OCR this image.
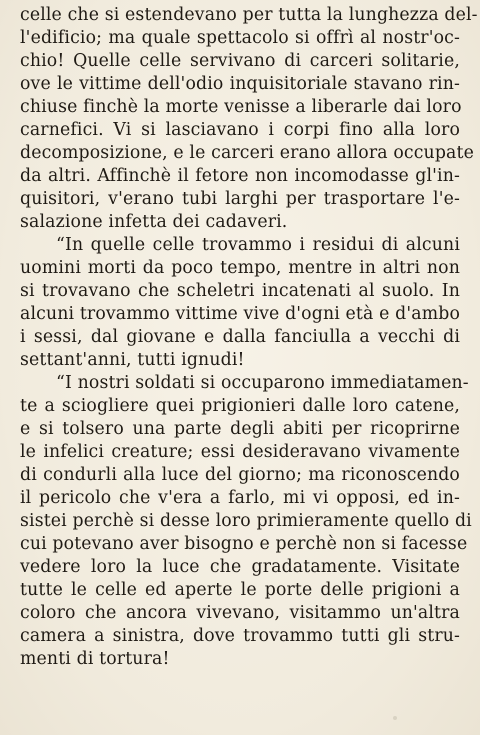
celle che si estendevano per tutta la lunghezza del-
l'edificio; ma quale spettacolo si offrì al nostr'oc-
chio! Quelle celle servivano di carceri solitarie,
ove le vittime dell'odio inquisitoriale stavano rin-
chiuse finchè la morte venisse a liberarle dai loro
carnefici. Vi si lasciavano i corpi fino alla loro
decomposizione, e le carceri erano allora occupate
da altri. Affinchè il fetore non incomodasse gl'in-
quisitori, v'erano tubi larghi per trasportare l'e-
salazione infetta dei cadaveri.
“In quelle celle trovammo i residui di alcuni
uomini morti da poco tempo, mentre in altri non
si trovavano che scheletri incatenati al suolo. In
alcuni trovammo vittime vive d'ogni età e d'ambo
i sessi, dal giovane e dalla fanciulla a vecchi di
settant'anni, tutti ignudi!
“I nostri soldati si occuparono immediatamen-
te a sciogliere quei prigionieri dalle loro catene,
e si tolsero una parte degli abiti per ricoprirne
le infelici creature; essi desideravano vivamente
di condurli alla luce del giorno; ma riconoscendo
il pericolo che v'era a farlo, mi vi opposi, ed in-
sistei perchè si desse loro primieramente quello di
cui potevano aver bisogno e perchè non si facesse
vedere loro la luce che gradatamente. Visitate
tutte le celle ed aperte le porte delle prigioni a
coloro che ancora vivevano, visitammo un'altra
camera a sinistra, dove trovammo tutti gli stru-
menti di tortura!
